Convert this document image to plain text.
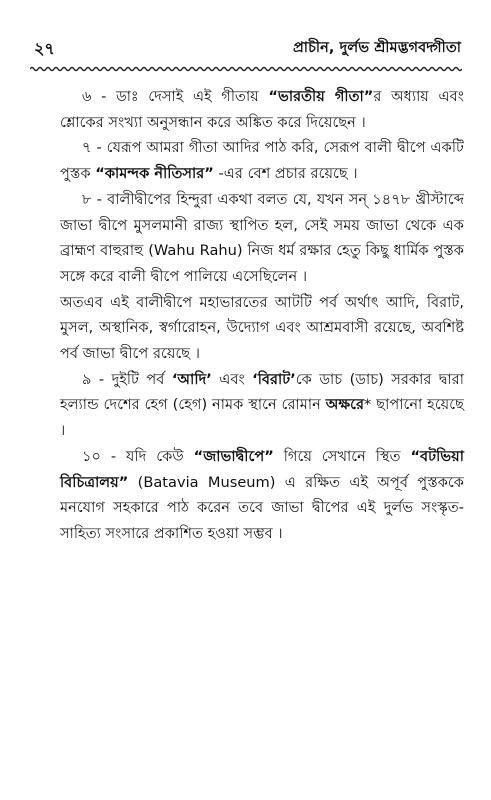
২৭	প্রাচীন, দুর্লভ শ্রীমদ্ভগবদ্গীতা

৬ - ডাঃ দেসাই এই গীতায় “ভারতীয় গীতা”র অধ্যায় এবং শ্লোকের সংখ্যা অনুসন্ধান করে অঙ্কিত করে দিয়েছেন ।

৭ - যেরূপ আমরা গীতা আদির পাঠ করি, সেরূপ বালী দ্বীপে একটি পুস্তক “কামন্দক নীতিসার” -এর বেশ প্রচার রয়েছে ।

৮ - বালীদ্বীপের হিন্দুরা একথা বলত যে, যখন সন্ ১৪৭৮ খ্রীস্টাব্দে জাভা দ্বীপে মুসলমানী রাজ্য স্থাপিত হল, সেই সময় জাভা থেকে এক ব্রাহ্মণ বাহুরাহু (Wahu Rahu) নিজ ধর্ম রক্ষার হেতু কিছু ধার্মিক পুস্তক সঙ্গে করে বালী দ্বীপে পালিয়ে এসেছিলেন ।

অতএব এই বালীদ্বীপে মহাভারতের আটটি পর্ব অর্থাৎ আদি, বিরাট, মুসল, অস্থানিক, স্বর্গারোহন, উদ্যোগ এবং আশ্রমবাসী রয়েছে, অবশিষ্ট পর্ব জাভা দ্বীপে রয়েছে ।

৯ - দুইটি পর্ব ‘আদি’ এবং ‘বিরাট’কে ডাচ (ডাচ) সরকার দ্বারা হল্যান্ড দেশের হেগ (হেগ) নামক স্থানে রোমান অক্ষরে* ছাপানো হয়েছে ।

১০ - যদি কেউ “জাভাদ্বীপে” গিয়ে সেখানে স্থিত “বটভিয়া বিচিত্রালয়” (Batavia Museum) এ রক্ষিত এই অপূর্ব পুস্তককে মনযোগ সহকারে পাঠ করেন তবে জাভা দ্বীপের এই দুর্লভ সংস্কৃত-সাহিত্য সংসারে প্রকাশিত হওয়া সম্ভব ।
